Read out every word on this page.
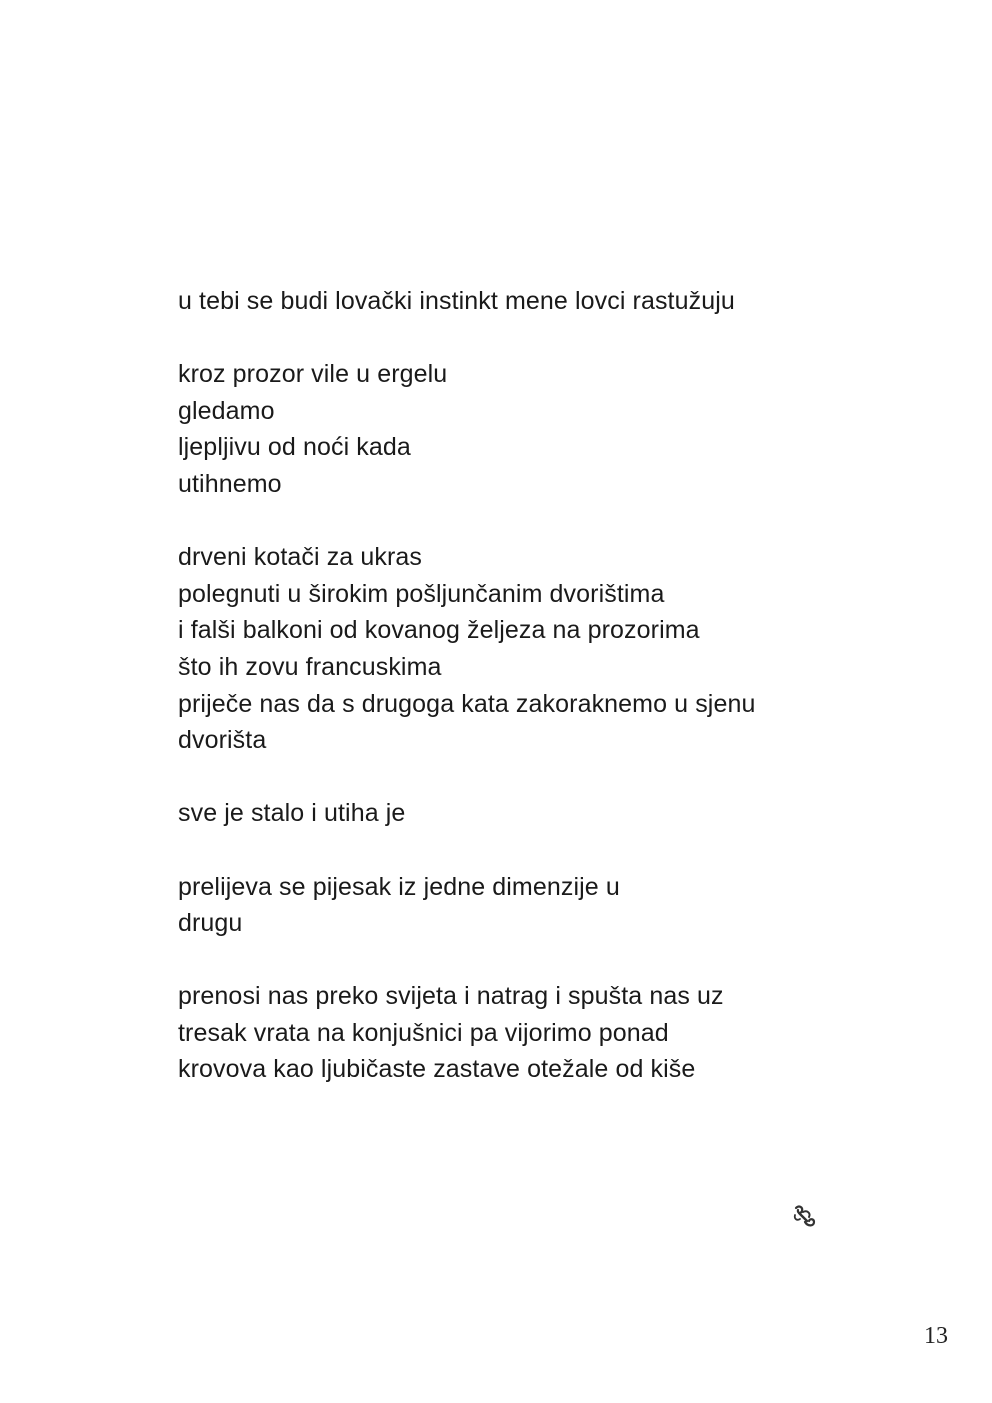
u tebi se budi lovački instinkt mene lovci rastužuju
kroz prozor vile u ergelu
gledamo
ljepljivu od noći kada
utihnemo
drveni kotači za ukras
polegnuti u širokim pošljunčanim dvorištima
i falši balkoni od kovanog željeza na prozorima
što ih zovu francuskima
priječe nas da s drugoga kata zakoraknemo u sjenu
dvorišta
sve je stalo i utiha je
prelijeva se pijesak iz jedne dimenzije u
drugu
prenosi nas preko svijeta i natrag i spušta nas uz
tresak vrata na konjušnici pa vijorimo ponad
krovova kao ljubičaste zastave otežale od kiše
13
